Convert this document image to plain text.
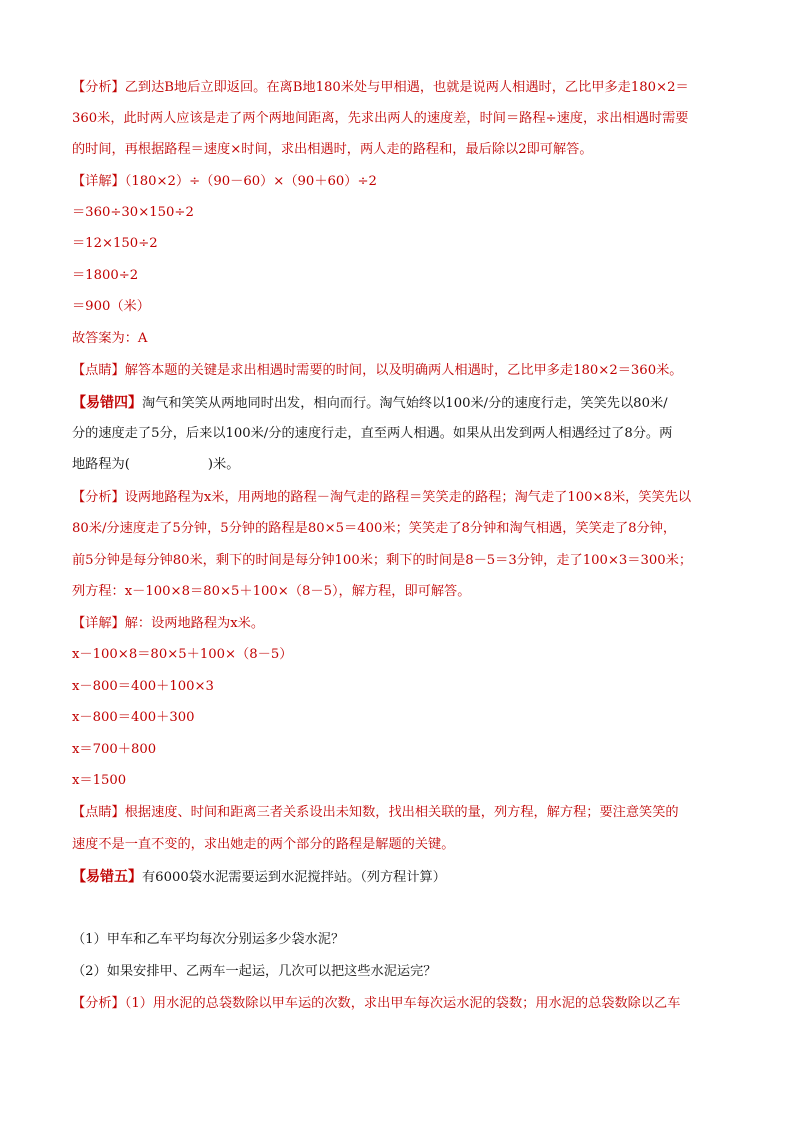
【分析】乙到达B地后立即返回。在离B地180米处与甲相遇，也就是说两人相遇时，乙比甲多走180×2＝
360米，此时两人应该是走了两个两地间距离，先求出两人的速度差，时间＝路程÷速度，求出相遇时需要
的时间，再根据路程＝速度×时间，求出相遇时，两人走的路程和，最后除以2即可解答。
【详解】（180×2）÷（90－60）×（90＋60）÷2
＝360÷30×150÷2
＝12×150÷2
＝1800÷2
＝900（米）
故答案为：A
【点睛】解答本题的关键是求出相遇时需要的时间，以及明确两人相遇时，乙比甲多走180×2＝360米。
【易错四】淘气和笑笑从两地同时出发，相向而行。淘气始终以100米/分的速度行走，笑笑先以80米/
分的速度走了5分，后来以100米/分的速度行走，直至两人相遇。如果从出发到两人相遇经过了8分。两
地路程为(	)米。
【分析】设两地路程为x米，用两地的路程－淘气走的路程＝笑笑走的路程；淘气走了100×8米，笑笑先以
80米/分速度走了5分钟，5分钟的路程是80×5＝400米；笑笑走了8分钟和淘气相遇，笑笑走了8分钟，
前5分钟是每分钟80米，剩下的时间是每分钟100米；剩下的时间是8－5＝3分钟，走了100×3＝300米；
列方程：x－100×8＝80×5＋100×（8－5），解方程，即可解答。
【详解】解：设两地路程为x米。
x－100×8＝80×5＋100×（8－5）
x－800＝400＋100×3
x－800＝400＋300
x＝700＋800
x＝1500
【点睛】根据速度、时间和距离三者关系设出未知数，找出相关联的量，列方程，解方程；要注意笑笑的
速度不是一直不变的，求出她走的两个部分的路程是解题的关键。
【易错五】有6000袋水泥需要运到水泥搅拌站。（列方程计算）
（1）甲车和乙车平均每次分别运多少袋水泥？
（2）如果安排甲、乙两车一起运，几次可以把这些水泥运完？
【分析】（1）用水泥的总袋数除以甲车运的次数，求出甲车每次运水泥的袋数；用水泥的总袋数除以乙车
